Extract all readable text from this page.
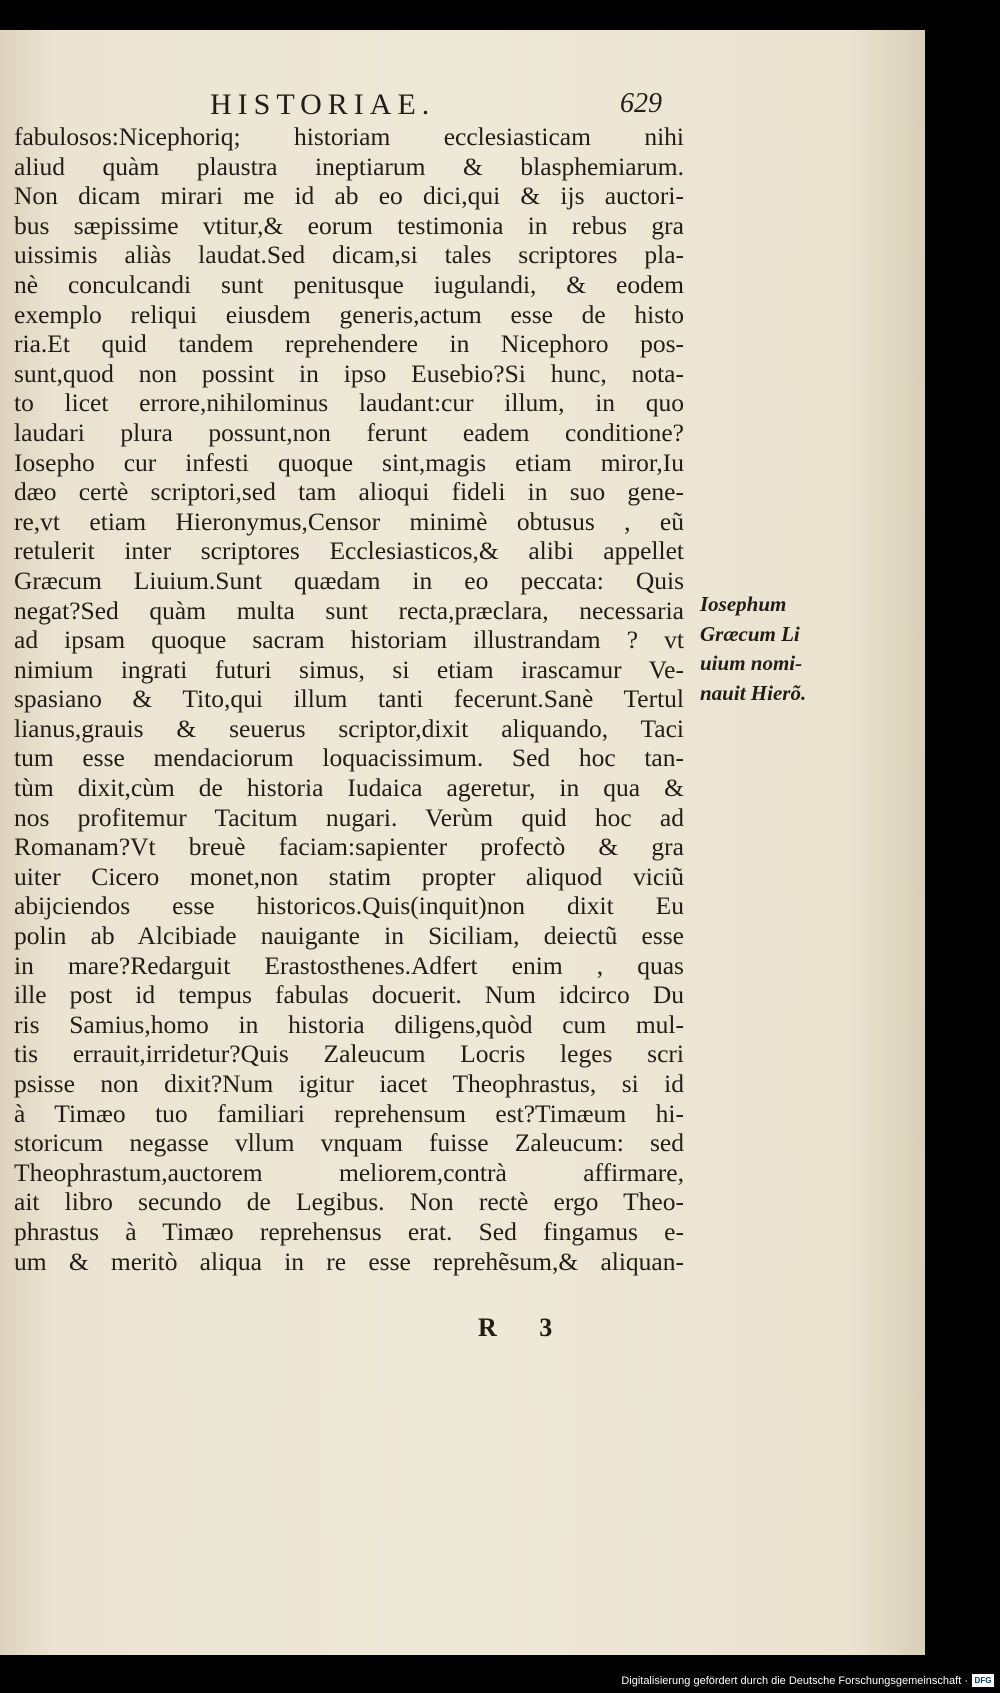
HISTORIAE.	629
fabulosos:Nicephoriq; historiam ecclesiasticam nihi
aliud quàm plaustra ineptiarum & blasphemiarum.
Non dicam mirari me id ab eo dici,qui & ijs auctori-
bus sæpissime vtitur,& eorum testimonia in rebus gra
uissimis aliàs laudat.Sed dicam,si tales scriptores pla-
nè conculcandi sunt penitusque iugulandi, & eodem
exemplo reliqui eiusdem generis,actum esse de histo
ria.Et quid tandem reprehendere in Nicephoro pos-
sunt,quod non possint in ipso Eusebio?Si hunc, nota-
to licet errore,nihilominus laudant:cur illum, in quo
laudari plura possunt,non ferunt eadem conditione?
Iosepho cur infesti quoque sint,magis etiam miror,Iu
dæo certè scriptori,sed tam alioqui fideli in suo gene-
re,vt etiam Hieronymus,Censor minimè obtusus , eũ
retulerit inter scriptores Ecclesiasticos,& alibi appellet
Græcum Liuium.Sunt quædam in eo peccata: Quis
negat?Sed quàm multa sunt recta,præclara, necessaria
ad ipsam quoque sacram historiam illustrandam ? vt
nimium ingrati futuri simus, si etiam irascamur Ve-
spasiano & Tito,qui illum tanti fecerunt.Sanè Tertul
lianus,grauis & seuerus scriptor,dixit aliquando, Taci
tum esse mendaciorum loquacissimum. Sed hoc tan-
tùm dixit,cùm de historia Iudaica ageretur, in qua &
nos profitemur Tacitum nugari. Verùm quid hoc ad
Romanam?Vt breuè faciam:sapienter profectò & gra
uiter Cicero monet,non statim propter aliquod viciũ
abijciendos esse historicos.Quis(inquit)non dixit Eu
polin ab Alcibiade nauigante in Siciliam, deiectũ esse
in mare?Redarguit Erastosthenes.Adfert enim , quas
ille post id tempus fabulas docuerit. Num idcirco Du
ris Samius,homo in historia diligens,quòd cum mul-
tis errauit,irridetur?Quis Zaleucum Locris leges scri
psisse non dixit?Num igitur iacet Theophrastus, si id
à Timæo tuo familiari reprehensum est?Timæum hi-
storicum negasse vllum vnquam fuisse Zaleucum: sed
Theophrastum,auctorem meliorem,contrà affirmare,
ait libro secundo de Legibus. Non rectè ergo Theo-
phrastus à Timæo reprehensus erat. Sed fingamus e-
um & meritò aliqua in re esse reprehẽsum,& aliquan-
Iosephum
Græcum Li
uium nomi-
nauit Hierõ.
R 3
Digitalisierung gefördert durch die Deutsche Forschungsgemeinschaft · DFG
